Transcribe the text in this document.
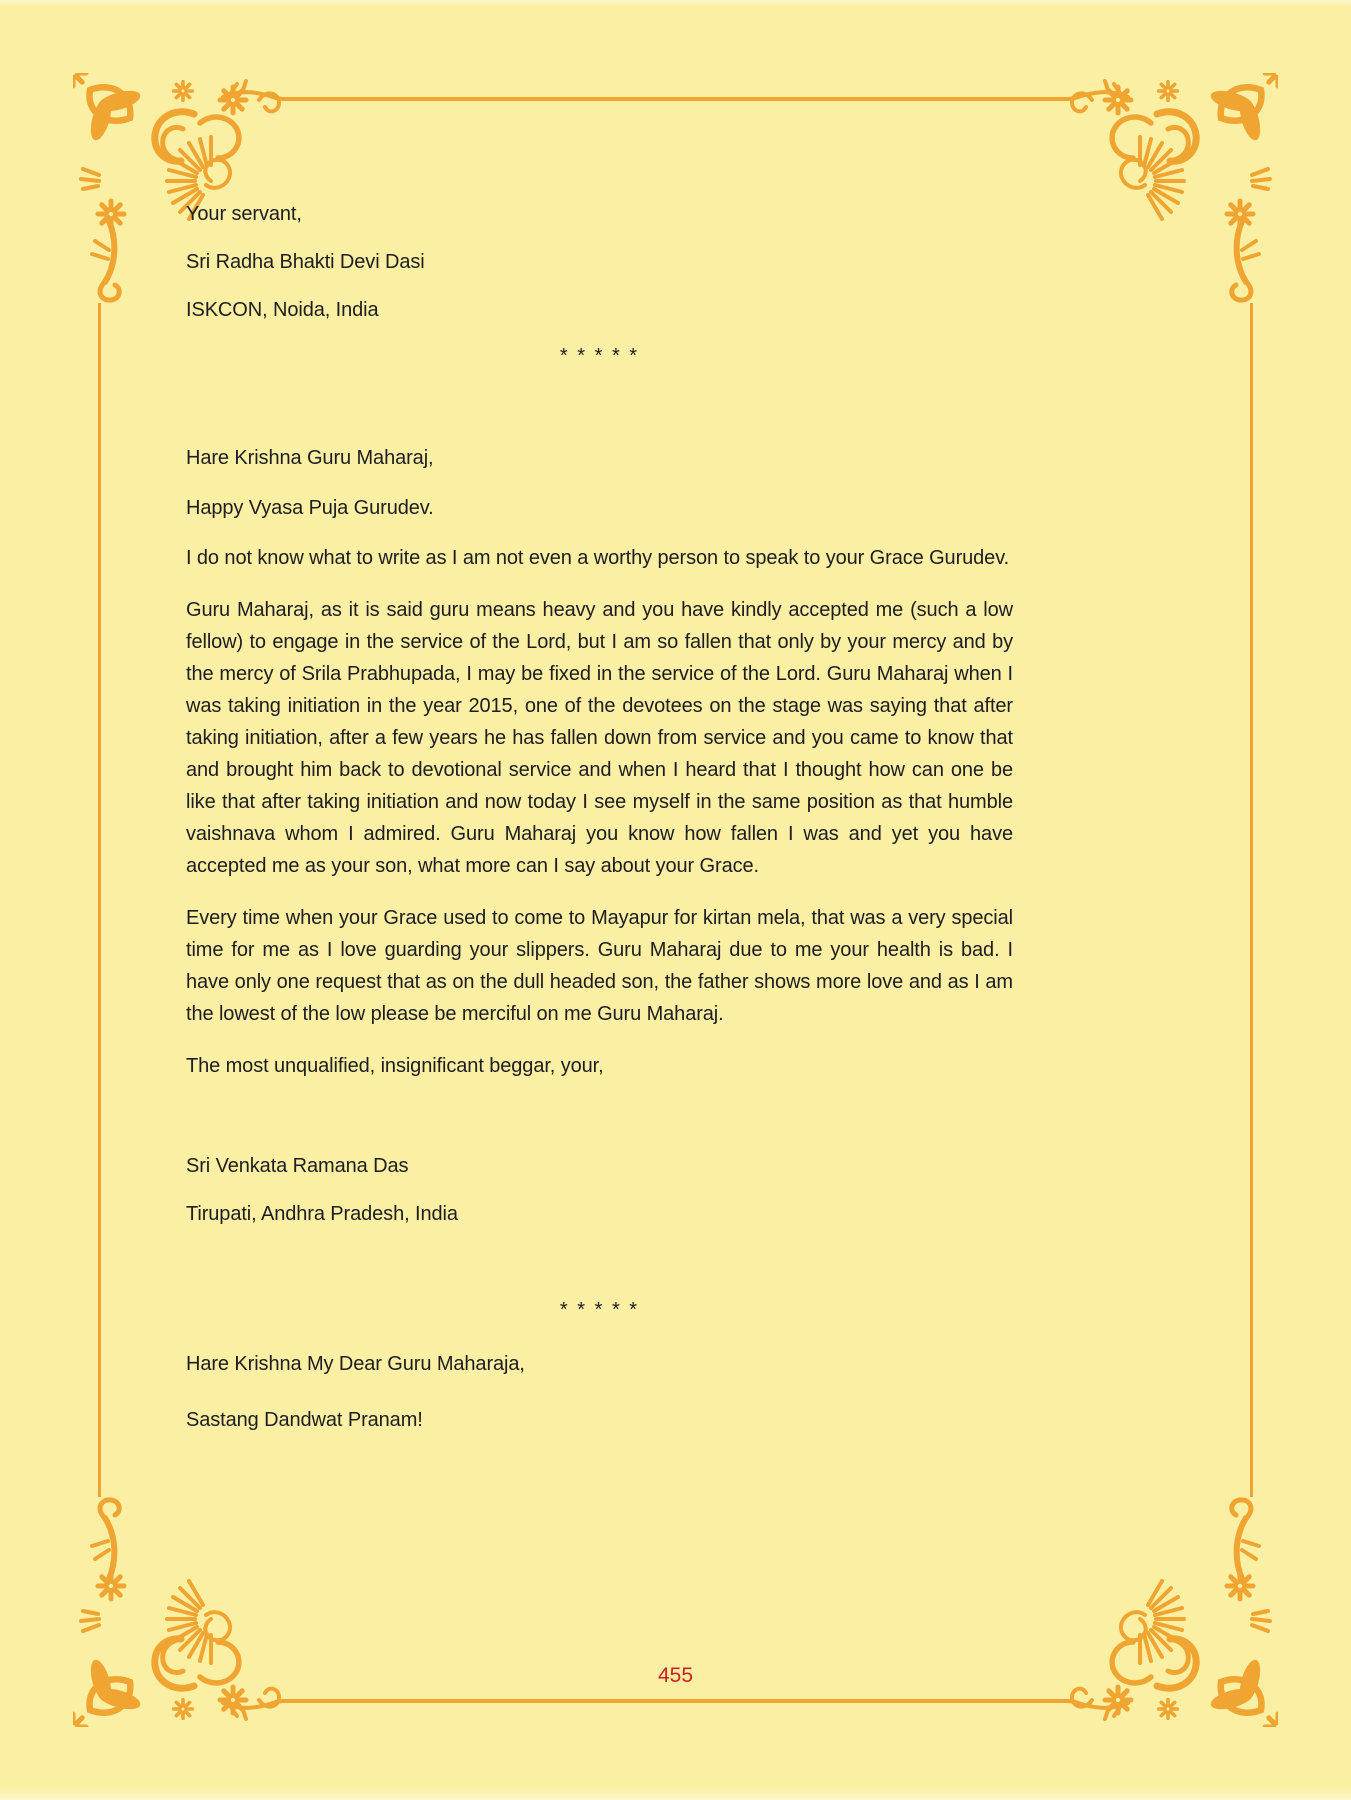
Your servant,

Sri Radha Bhakti Devi Dasi

ISKCON, Noida, India

* * * * *

Hare Krishna Guru Maharaj,

Happy Vyasa Puja Gurudev.

I do not know what to write as I am not even a worthy person to speak to your Grace Gurudev.

Guru Maharaj, as it is said guru means heavy and you have kindly accepted me (such a low fellow) to engage in the service of the Lord, but I am so fallen that only by your mercy and by the mercy of Srila Prabhupada, I may be fixed in the service of the Lord. Guru Maharaj when I was taking initiation in the year 2015, one of the devotees on the stage was saying that after taking initiation, after a few years he has fallen down from service and you came to know that and brought him back to devotional service and when I heard that I thought how can one be like that after taking initiation and now today I see myself in the same position as that humble vaishnava whom I admired. Guru Maharaj you know how fallen I was and yet you have accepted me as your son, what more can I say about your Grace.

Every time when your Grace used to come to Mayapur for kirtan mela, that was a very special time for me as I love guarding your slippers. Guru Maharaj due to me your health is bad. I have only one request that as on the dull headed son, the father shows more love and as I am the lowest of the low please be merciful on me Guru Maharaj.

The most unqualified, insignificant beggar, your,

Sri Venkata Ramana Das

Tirupati, Andhra Pradesh, India

* * * * *

Hare Krishna My Dear Guru Maharaja,

Sastang Dandwat Pranam!

455
